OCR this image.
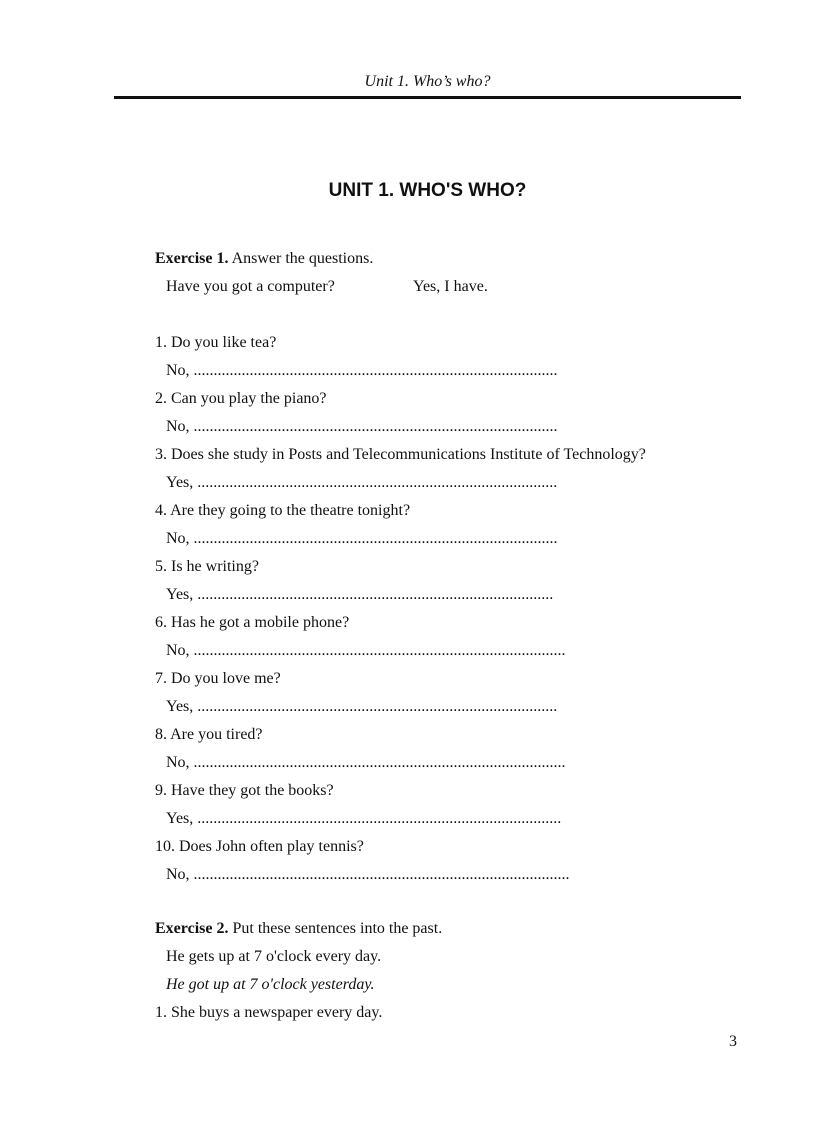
Unit 1. Who’s who?
UNIT 1. WHO'S WHO?
Exercise 1. Answer the questions.
Have you got a computer?	Yes, I have.
1. Do you like tea?
No, ...........................................................................................
2. Can you play the piano?
No, ...........................................................................................
3. Does she study in Posts and Telecommunications Institute of Technology?
Yes, ..........................................................................................
4. Are they going to the theatre tonight?
No, ...........................................................................................
5. Is he writing?
Yes, .........................................................................................
6. Has he got a mobile phone?
No, .............................................................................................
7. Do you love me?
Yes, ..........................................................................................
8. Are you tired?
No, .............................................................................................
9. Have they got the books?
Yes, ...........................................................................................
10. Does John often play tennis?
No, ..............................................................................................
Exercise 2. Put these sentences into the past.
He gets up at 7 o'clock every day.
He got up at 7 o'clock yesterday.
1. She buys a newspaper every day.
3
